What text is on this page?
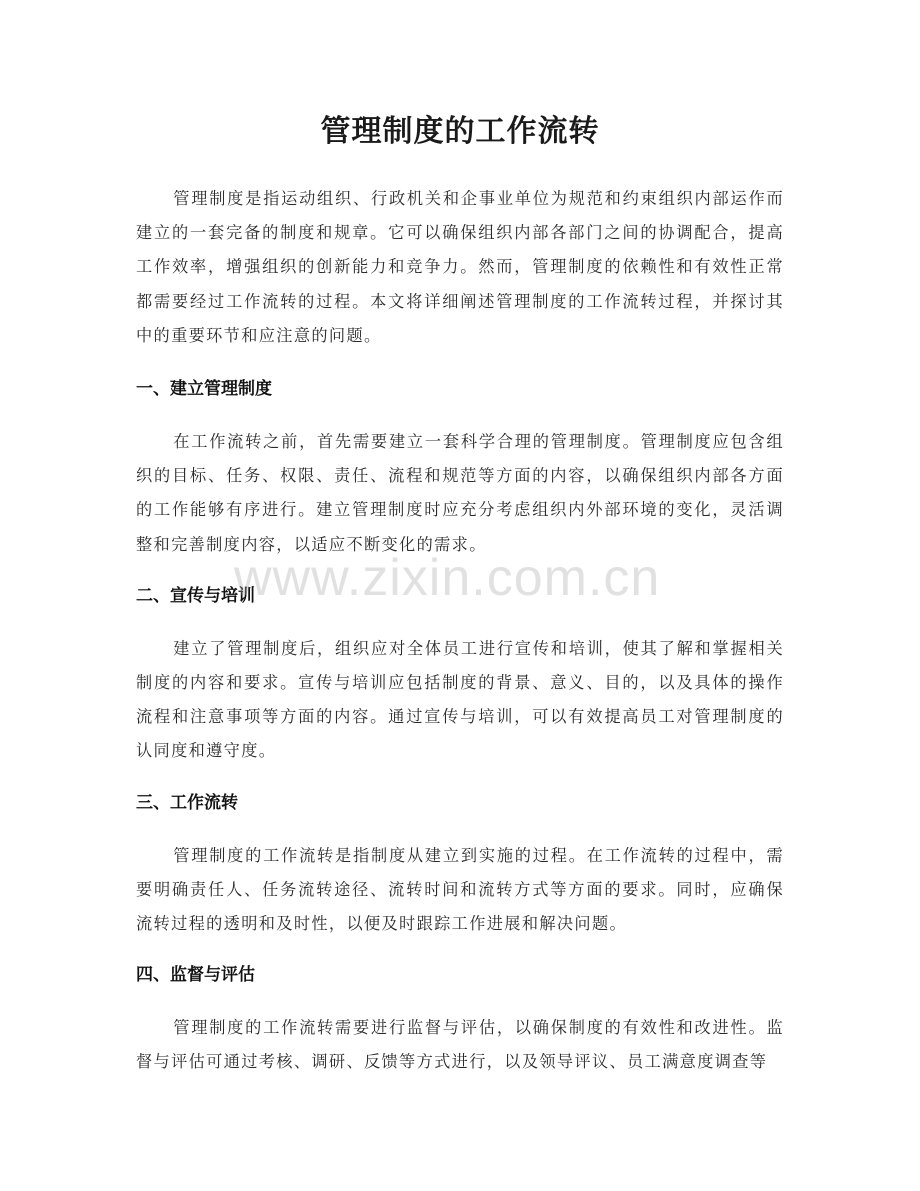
管理制度的工作流转

管理制度是指运动组织、行政机关和企事业单位为规范和约束组织内部运作而建立的一套完备的制度和规章。它可以确保组织内部各部门之间的协调配合，提高工作效率，增强组织的创新能力和竞争力。然而，管理制度的依赖性和有效性正常都需要经过工作流转的过程。本文将详细阐述管理制度的工作流转过程，并探讨其中的重要环节和应注意的问题。

一、建立管理制度

在工作流转之前，首先需要建立一套科学合理的管理制度。管理制度应包含组织的目标、任务、权限、责任、流程和规范等方面的内容，以确保组织内部各方面的工作能够有序进行。建立管理制度时应充分考虑组织内外部环境的变化，灵活调整和完善制度内容，以适应不断变化的需求。

二、宣传与培训

建立了管理制度后，组织应对全体员工进行宣传和培训，使其了解和掌握相关制度的内容和要求。宣传与培训应包括制度的背景、意义、目的，以及具体的操作流程和注意事项等方面的内容。通过宣传与培训，可以有效提高员工对管理制度的认同度和遵守度。

三、工作流转

管理制度的工作流转是指制度从建立到实施的过程。在工作流转的过程中，需要明确责任人、任务流转途径、流转时间和流转方式等方面的要求。同时，应确保流转过程的透明和及时性，以便及时跟踪工作进展和解决问题。

四、监督与评估

管理制度的工作流转需要进行监督与评估，以确保制度的有效性和改进性。监督与评估可通过考核、调研、反馈等方式进行，以及领导评议、员工满意度调查等

www.zixin.com.cn
